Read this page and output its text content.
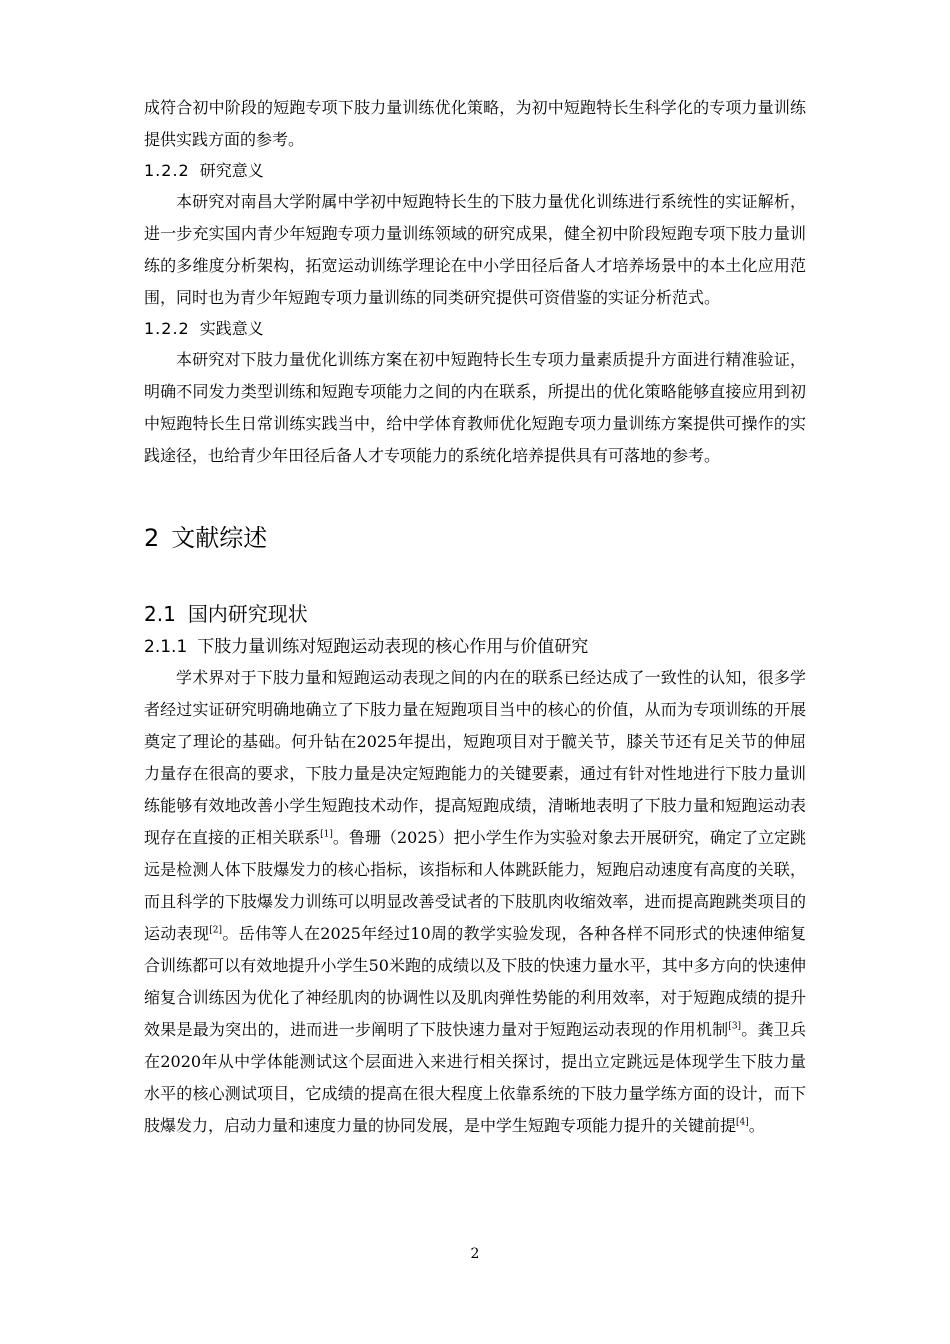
成符合初中阶段的短跑专项下肢力量训练优化策略，为初中短跑特长生科学化的专项力量训练提供实践方面的参考。

1.2.2 研究意义

本研究对南昌大学附属中学初中短跑特长生的下肢力量优化训练进行系统性的实证解析，进一步充实国内青少年短跑专项力量训练领域的研究成果，健全初中阶段短跑专项下肢力量训练的多维度分析架构，拓宽运动训练学理论在中小学田径后备人才培养场景中的本土化应用范围，同时也为青少年短跑专项力量训练的同类研究提供可资借鉴的实证分析范式。

1.2.2 实践意义

本研究对下肢力量优化训练方案在初中短跑特长生专项力量素质提升方面进行精准验证，明确不同发力类型训练和短跑专项能力之间的内在联系，所提出的优化策略能够直接应用到初中短跑特长生日常训练实践当中，给中学体育教师优化短跑专项力量训练方案提供可操作的实践途径，也给青少年田径后备人才专项能力的系统化培养提供具有可落地的参考。

2 文献综述
2.1 国内研究现状
2.1.1 下肢力量训练对短跑运动表现的核心作用与价值研究

学术界对于下肢力量和短跑运动表现之间的内在的联系已经达成了一致性的认知，很多学者经过实证研究明确地确立了下肢力量在短跑项目当中的核心的价值，从而为专项训练的开展奠定了理论的基础。何升钻在2025年提出，短跑项目对于髋关节，膝关节还有足关节的伸屈力量存在很高的要求，下肢力量是决定短跑能力的关键要素，通过有针对性地进行下肢力量训练能够有效地改善小学生短跑技术动作，提高短跑成绩，清晰地表明了下肢力量和短跑运动表现存在直接的正相关联系[1]。鲁珊（2025）把小学生作为实验对象去开展研究，确定了立定跳远是检测人体下肢爆发力的核心指标，该指标和人体跳跃能力，短跑启动速度有高度的关联，而且科学的下肢爆发力训练可以明显改善受试者的下肢肌肉收缩效率，进而提高跑跳类项目的运动表现[2]。岳伟等人在2025年经过10周的教学实验发现，各种各样不同形式的快速伸缩复合训练都可以有效地提升小学生50米跑的成绩以及下肢的快速力量水平，其中多方向的快速伸缩复合训练因为优化了神经肌肉的协调性以及肌肉弹性势能的利用效率，对于短跑成绩的提升效果是最为突出的，进而进一步阐明了下肢快速力量对于短跑运动表现的作用机制[3]。龚卫兵在2020年从中学体能测试这个层面进入来进行相关探讨，提出立定跳远是体现学生下肢力量水平的核心测试项目，它成绩的提高在很大程度上依靠系统的下肢力量学练方面的设计，而下肢爆发力，启动力量和速度力量的协同发展，是中学生短跑专项能力提升的关键前提[4]。

2
